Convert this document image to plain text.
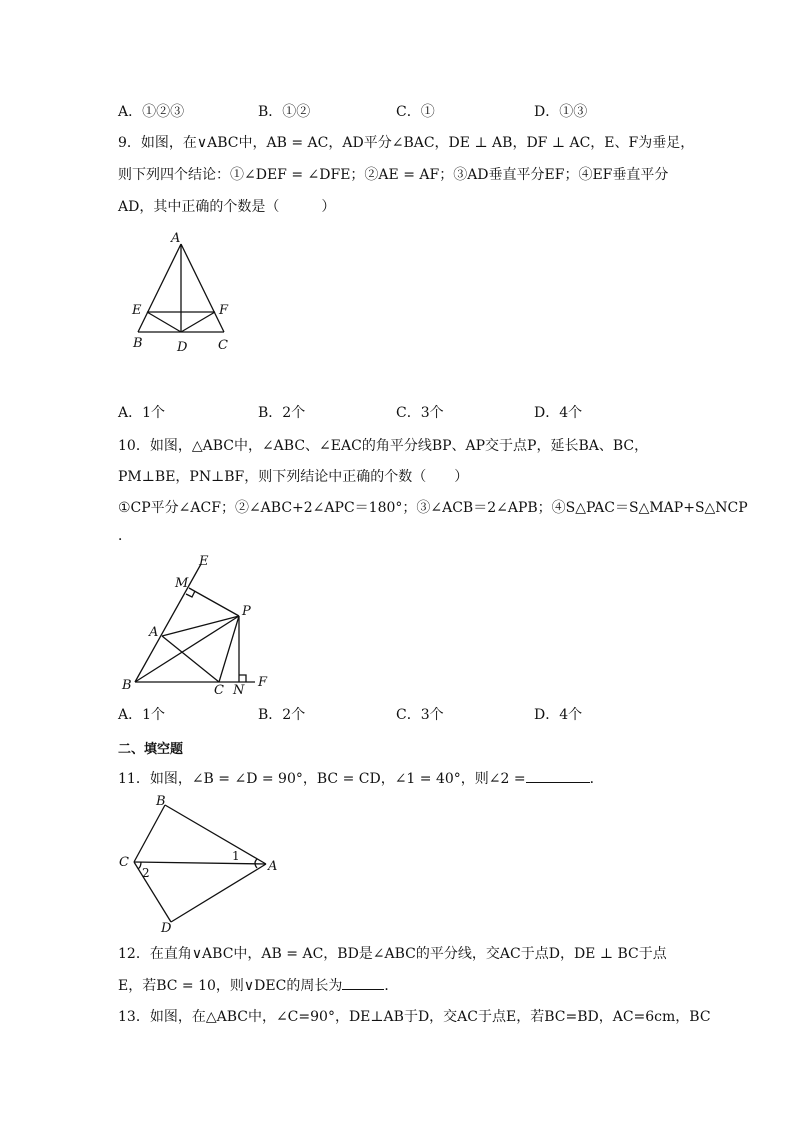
A．①②③	B．①②	C．①	D．①③
9．如图，在∨ABC中，AB = AC，AD平分∠BAC，DE ⊥ AB，DF ⊥ AC，E、F为垂足，
则下列四个结论：①∠DEF = ∠DFE；②AE = AF；③AD垂直平分EF；④EF垂直平分
AD，其中正确的个数是（　　　）
A
E	F
B	D C
A．1个	B．2个	C．3个	D．4个
10．如图，△ABC中，∠ABC、∠EAC的角平分线BP、AP交于点P，延长BA、BC，
PM⊥BE，PN⊥BF，则下列结论中正确的个数（　　）
①CP平分∠ACF；②∠ABC+2∠APC＝180°；③∠ACB＝2∠APB；④S△PAC＝S△MAP+S△NCP
．
E
M
P
A
B	C N
F
A．1个	B．2个	C．3个	D．4个
二、填空题
11．如图，∠B = ∠D = 90°，BC = CD，∠1 = 40°，则∠2 =	．
B
C	A
D
1
2
12．在直角∨ABC中，AB = AC，BD是∠ABC的平分线，交AC于点D，DE ⊥ BC于点
E，若BC = 10，则∨DEC的周长为	．
13．如图，在△ABC中，∠C=90°，DE⊥AB于D，交AC于点E，若BC=BD，AC=6cm，BC
